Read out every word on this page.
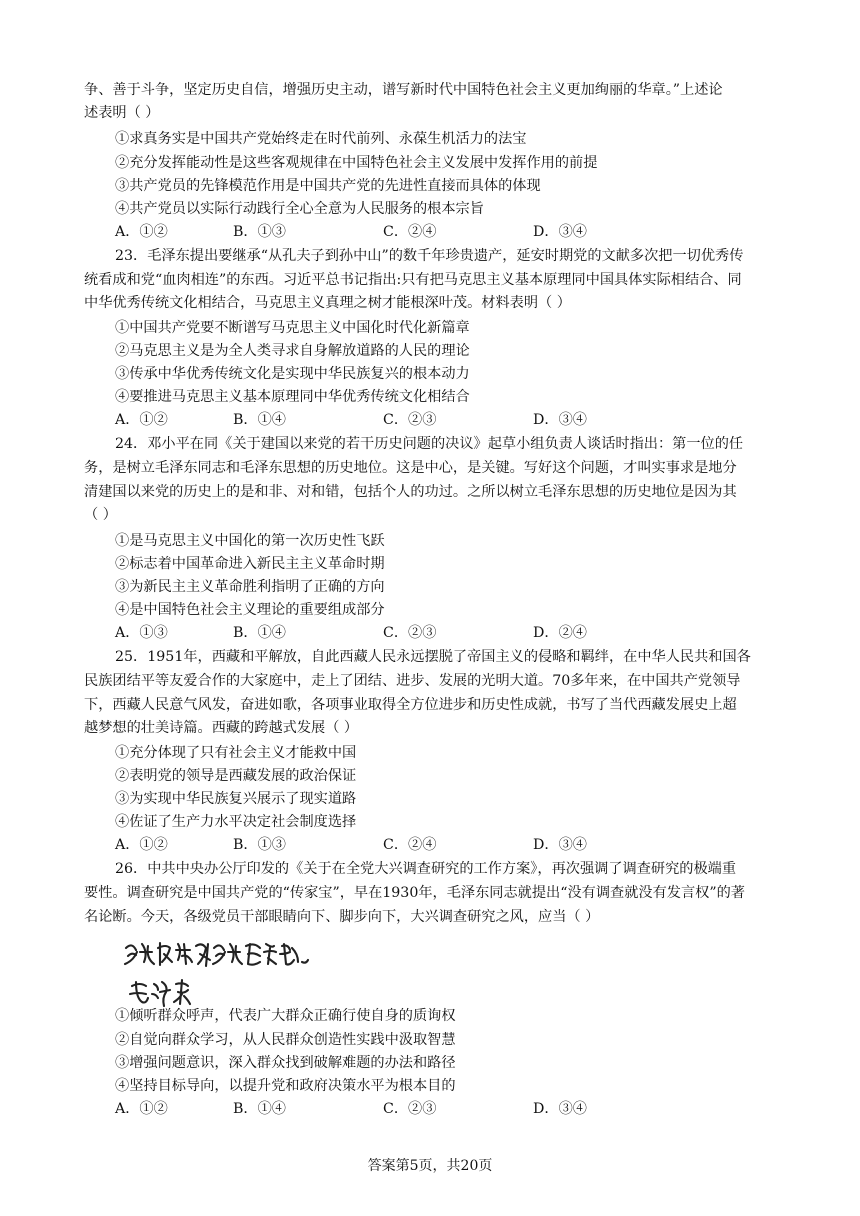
争、善于斗争，坚定历史自信，增强历史主动，谱写新时代中国特色社会主义更加绚丽的华章。”上述论
述表明（ ）
①求真务实是中国共产党始终走在时代前列、永葆生机活力的法宝
②充分发挥能动性是这些客观规律在中国特色社会主义发展中发挥作用的前提
③共产党员的先锋模范作用是中国共产党的先进性直接而具体的体现
④共产党员以实际行动践行全心全意为人民服务的根本宗旨
A．①②	B．①③	C．②④	D．③④
23．毛泽东提出要继承“从孔夫子到孙中山”的数千年珍贵遗产，延安时期党的文献多次把一切优秀传
统看成和党“血肉相连”的东西。习近平总书记指出:只有把马克思主义基本原理同中国具体实际相结合、同
中华优秀传统文化相结合，马克思主义真理之树才能根深叶茂。材料表明（ ）
①中国共产党要不断谱写马克思主义中国化时代化新篇章
②马克思主义是为全人类寻求自身解放道路的人民的理论
③传承中华优秀传统文化是实现中华民族复兴的根本动力
④要推进马克思主义基本原理同中华优秀传统文化相结合
A．①②	B．①④	C．②③	D．③④
24．邓小平在同《关于建国以来党的若干历史问题的决议》起草小组负责人谈话时指出：第一位的任
务，是树立毛泽东同志和毛泽东思想的历史地位。这是中心，是关键。写好这个问题，才叫实事求是地分
清建国以来党的历史上的是和非、对和错，包括个人的功过。之所以树立毛泽东思想的历史地位是因为其
（ ）
①是马克思主义中国化的第一次历史性飞跃
②标志着中国革命进入新民主主义革命时期
③为新民主主义革命胜利指明了正确的方向
④是中国特色社会主义理论的重要组成部分
A．①③	B．①④	C．②③	D．②④
25．1951年，西藏和平解放，自此西藏人民永远摆脱了帝国主义的侵略和羁绊，在中华人民共和国各
民族团结平等友爱合作的大家庭中，走上了团结、进步、发展的光明大道。70多年来，在中国共产党领导
下，西藏人民意气风发，奋进如歌，各项事业取得全方位进步和历史性成就，书写了当代西藏发展史上超
越梦想的壮美诗篇。西藏的跨越式发展（ ）
①充分体现了只有社会主义才能救中国
②表明党的领导是西藏发展的政治保证
③为实现中华民族复兴展示了现实道路
④佐证了生产力水平决定社会制度选择
A．①②	B．①③	C．②④	D．③④
26．中共中央办公厅印发的《关于在全党大兴调查研究的工作方案》，再次强调了调查研究的极端重
要性。调查研究是中国共产党的“传家宝”，早在1930年，毛泽东同志就提出“没有调查就没有发言权”的著
名论断。今天，各级党员干部眼睛向下、脚步向下，大兴调查研究之风，应当（ ）
①倾听群众呼声，代表广大群众正确行使自身的质询权
②自觉向群众学习，从人民群众创造性实践中汲取智慧
③增强问题意识，深入群众找到破解难题的办法和路径
④坚持目标导向，以提升党和政府决策水平为根本目的
A．①②	B．①④	C．②③	D．③④
答案第5页，共20页
